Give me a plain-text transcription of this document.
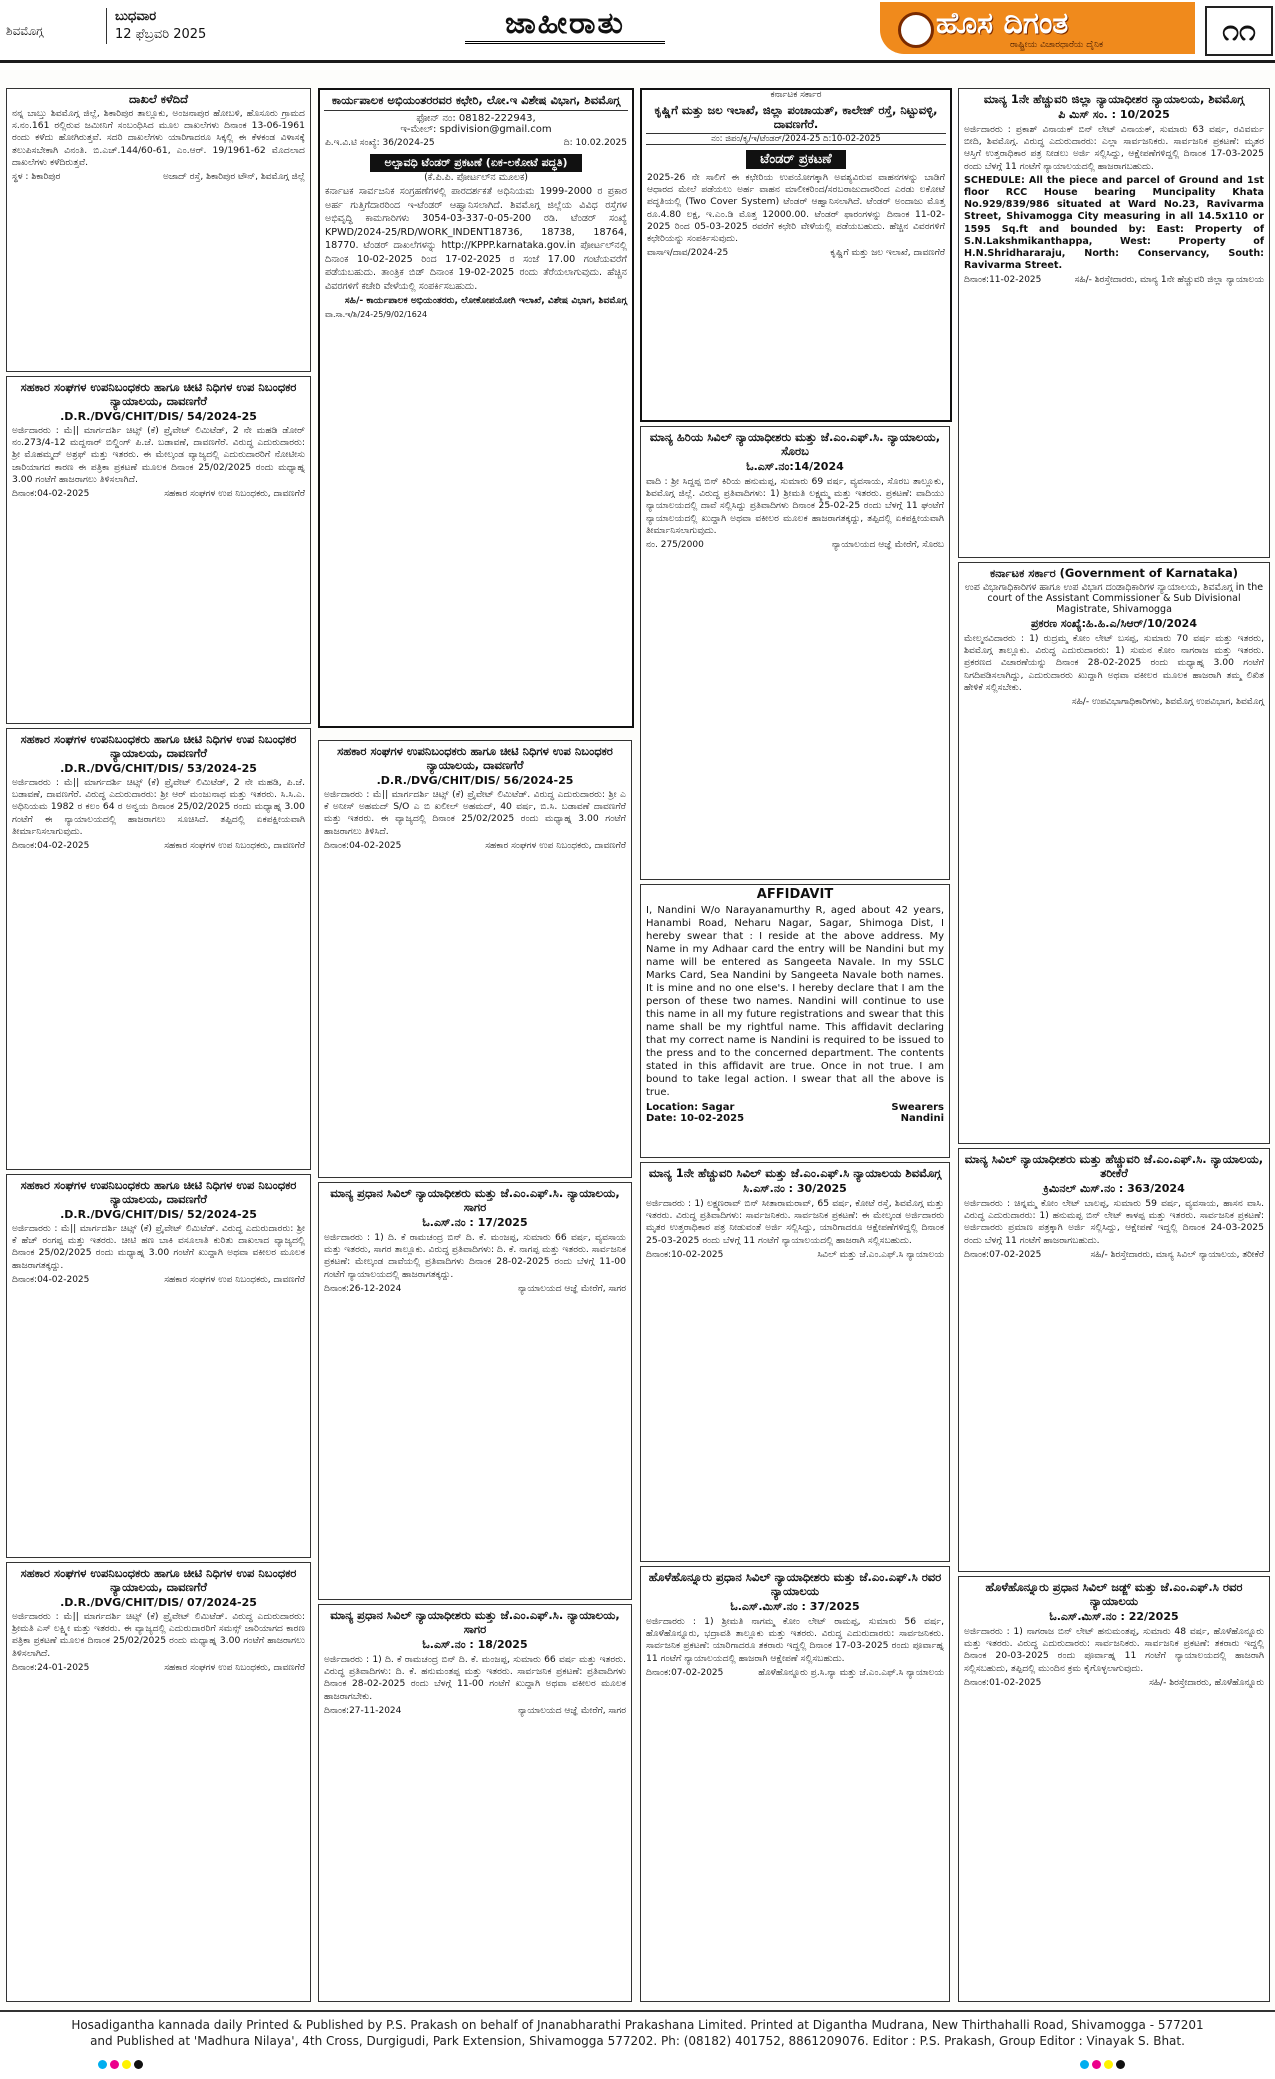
ಶಿವಮೊಗ್ಗ
ಬುಧವಾರ
12 ಫೆಬ್ರವರಿ 2025	ಜಾಹೀರಾತು	ಹೊಸ ದಿಗಂತ
ರಾಷ್ಟ್ರೀಯ ವಿಚಾರಧಾರೆಯ ದೈನಿಕ	೧೧
ದಾಖಲೆ ಕಳೆದಿದೆ

ನನ್ನ ಬಾಬ್ತು ಶಿವಮೊಗ್ಗ ಜಿಲ್ಲೆ, ಶಿಕಾರಿಪುರ ತಾಲ್ಲೂಕು, ಅಂಜನಾಪುರ ಹೋಬಳಿ, ಹೊಸೂರು ಗ್ರಾಮದ ಸ.ನಂ.161 ರಲ್ಲಿರುವ ಜಮೀನಿಗೆ ಸಂಬಂಧಿಸಿದ ಮೂಲ ದಾಖಲೆಗಳು ದಿನಾಂಕ 13-06-1961 ರಂದು ಕಳೆದು ಹೋಗಿರುತ್ತವೆ. ಸದರಿ ದಾಖಲೆಗಳು ಯಾರಿಗಾದರೂ ಸಿಕ್ಕಲ್ಲಿ ಈ ಕೆಳಕಂಡ ವಿಳಾಸಕ್ಕೆ ತಲುಪಿಸಬೇಕಾಗಿ ವಿನಂತಿ. ಬಿ.ಎಚ್.144/60-61, ಎಂ.ಆರ್. 19/1961-62 ಮೊದಲಾದ ದಾಖಲೆಗಳು ಕಳೆದಿರುತ್ತವೆ.

ಸ್ಥಳ : ಶಿಕಾರಿಪುರ	ಅಜಾದ್ ರಸ್ತೆ, ಶಿಕಾರಿಪುರ ಟೌನ್, ಶಿವಮೊಗ್ಗ ಜಿಲ್ಲೆ
ಸಹಕಾರ ಸಂಘಗಳ ಉಪನಿಬಂಧಕರು ಹಾಗೂ ಚೀಟಿ ನಿಧಿಗಳ ಉಪ ನಿಬಂಧಕರ ನ್ಯಾಯಾಲಯ, ದಾವಣಗೆರೆ
.D.R./DVG/CHIT/DIS/ 54/2024-25

ಅರ್ಜಿದಾರರು : ಮೆ|| ಮಾರ್ಗದರ್ಶಿ ಚಿಟ್ಸ್ (ಕೆ) ಪ್ರೈವೇಟ್ ಲಿಮಿಟೆಡ್, 2 ನೇ ಮಹಡಿ ಡೋರ್ ನಂ.273/4-12 ಮದ್ದನಾರ್ ಬಿಲ್ಡಿಂಗ್ ಪಿ.ಜೆ. ಬಡಾವಣೆ, ದಾವಣಗೆರೆ. ವಿರುದ್ಧ ಎದುರುದಾರರು: ಶ್ರೀ ಮೊಹಮ್ಮದ್ ಅಶ್ರಫ್ ಮತ್ತು ಇತರರು. ಈ ಮೇಲ್ಕಂಡ ವ್ಯಾಜ್ಯದಲ್ಲಿ ಎದುರುದಾರರಿಗೆ ನೋಟೀಸು ಜಾರಿಯಾಗದ ಕಾರಣ ಈ ಪತ್ರಿಕಾ ಪ್ರಕಟಣೆ ಮೂಲಕ ದಿನಾಂಕ 25/02/2025 ರಂದು ಮಧ್ಯಾಹ್ನ 3.00 ಗಂಟೆಗೆ ಹಾಜರಾಗಲು ತಿಳಿಸಲಾಗಿದೆ.

ದಿನಾಂಕ:04-02-2025	ಸಹಕಾರ ಸಂಘಗಳ ಉಪ ನಿಬಂಧಕರು, ದಾವಣಗೆರೆ
ಸಹಕಾರ ಸಂಘಗಳ ಉಪನಿಬಂಧಕರು ಹಾಗೂ ಚೀಟಿ ನಿಧಿಗಳ ಉಪ ನಿಬಂಧಕರ ನ್ಯಾಯಾಲಯ, ದಾವಣಗೆರೆ
.D.R./DVG/CHIT/DIS/ 53/2024-25

ಅರ್ಜಿದಾರರು : ಮೆ|| ಮಾರ್ಗದರ್ಶಿ ಚಿಟ್ಸ್ (ಕೆ) ಪ್ರೈವೇಟ್ ಲಿಮಿಟೆಡ್, 2 ನೇ ಮಹಡಿ, ಪಿ.ಜೆ. ಬಡಾವಣೆ, ದಾವಣಗೆರೆ. ವಿರುದ್ಧ ಎದುರುದಾರರು: ಶ್ರೀ ಆರ್ ಮಂಜುನಾಥ ಮತ್ತು ಇತರರು. ಸಿ.ಸಿ.ಎ. ಅಧಿನಿಯಮ 1982 ರ ಕಲಂ 64 ರ ಅನ್ವಯ ದಿನಾಂಕ 25/02/2025 ರಂದು ಮಧ್ಯಾಹ್ನ 3.00 ಗಂಟೆಗೆ ಈ ನ್ಯಾಯಾಲಯದಲ್ಲಿ ಹಾಜರಾಗಲು ಸೂಚಿಸಿದೆ. ತಪ್ಪಿದಲ್ಲಿ ಏಕಪಕ್ಷೀಯವಾಗಿ ತೀರ್ಮಾನಿಸಲಾಗುವುದು.

ದಿನಾಂಕ:04-02-2025	ಸಹಕಾರ ಸಂಘಗಳ ಉಪ ನಿಬಂಧಕರು, ದಾವಣಗೆರೆ
ಸಹಕಾರ ಸಂಘಗಳ ಉಪನಿಬಂಧಕರು ಹಾಗೂ ಚೀಟಿ ನಿಧಿಗಳ ಉಪ ನಿಬಂಧಕರ ನ್ಯಾಯಾಲಯ, ದಾವಣಗೆರೆ
.D.R./DVG/CHIT/DIS/ 52/2024-25

ಅರ್ಜಿದಾರರು : ಮೆ|| ಮಾರ್ಗದರ್ಶಿ ಚಿಟ್ಸ್ (ಕೆ) ಪ್ರೈವೇಟ್ ಲಿಮಿಟೆಡ್. ವಿರುದ್ಧ ಎದುರುದಾರರು: ಶ್ರೀ ಕೆ ಹೆಚ್ ರಂಗಪ್ಪ ಮತ್ತು ಇತರರು. ಚೀಟಿ ಹಣ ಬಾಕಿ ವಸೂಲಾತಿ ಕುರಿತು ದಾಖಲಾದ ವ್ಯಾಜ್ಯದಲ್ಲಿ ದಿನಾಂಕ 25/02/2025 ರಂದು ಮಧ್ಯಾಹ್ನ 3.00 ಗಂಟೆಗೆ ಖುದ್ದಾಗಿ ಅಥವಾ ವಕೀಲರ ಮೂಲಕ ಹಾಜರಾಗತಕ್ಕದ್ದು.

ದಿನಾಂಕ:04-02-2025	ಸಹಕಾರ ಸಂಘಗಳ ಉಪ ನಿಬಂಧಕರು, ದಾವಣಗೆರೆ
ಸಹಕಾರ ಸಂಘಗಳ ಉಪನಿಬಂಧಕರು ಹಾಗೂ ಚೀಟಿ ನಿಧಿಗಳ ಉಪ ನಿಬಂಧಕರ ನ್ಯಾಯಾಲಯ, ದಾವಣಗೆರೆ
.D.R./DVG/CHIT/DIS/ 07/2024-25

ಅರ್ಜಿದಾರರು : ಮೆ|| ಮಾರ್ಗದರ್ಶಿ ಚಿಟ್ಸ್ (ಕೆ) ಪ್ರೈವೇಟ್ ಲಿಮಿಟೆಡ್. ವಿರುದ್ಧ ಎದುರುದಾರರು: ಶ್ರೀಮತಿ ಎಸ್ ಲಕ್ಷ್ಮೀ ಮತ್ತು ಇತರರು. ಈ ವ್ಯಾಜ್ಯದಲ್ಲಿ ಎದುರುದಾರರಿಗೆ ಸಮನ್ಸ್ ಜಾರಿಯಾಗದ ಕಾರಣ ಪತ್ರಿಕಾ ಪ್ರಕಟಣೆ ಮೂಲಕ ದಿನಾಂಕ 25/02/2025 ರಂದು ಮಧ್ಯಾಹ್ನ 3.00 ಗಂಟೆಗೆ ಹಾಜರಾಗಲು ತಿಳಿಸಲಾಗಿದೆ.

ದಿನಾಂಕ:24-01-2025	ಸಹಕಾರ ಸಂಘಗಳ ಉಪ ನಿಬಂಧಕರು, ದಾವಣಗೆರೆ
ಕಾರ್ಯಪಾಲಕ ಅಭಿಯಂತರರವರ ಕಛೇರಿ, ಲೋ.ಇ ವಿಶೇಷ ವಿಭಾಗ, ಶಿವಮೊಗ್ಗ
ಫೋನ್ ನಂ: 08182-222943,
ಇ-ಮೇಲ್: spdivision@gmail.com
ಪಿ.ಇ.ವಿ.ಟಿ ಸಂಖ್ಯೆ: 36/2024-25	ದಿ: 10.02.2025
ಅಲ್ಪಾವಧಿ ಟೆಂಡರ್ ಪ್ರಕಟಣೆ (ಏಕ-ಲಕೋಟೆ ಪದ್ಧತಿ)
(ಕೆ.ಪಿ.ಪಿ. ಪೋರ್ಟಲ್‌ನ ಮೂಲಕ)

ಕರ್ನಾಟಕ ಸಾರ್ವಜನಿಕ ಸಂಗ್ರಹಣೆಗಳಲ್ಲಿ ಪಾರದರ್ಶಕತೆ ಅಧಿನಿಯಮ 1999-2000 ರ ಪ್ರಕಾರ ಅರ್ಹ ಗುತ್ತಿಗೆದಾರರಿಂದ ಇ-ಟೆಂಡರ್ ಆಹ್ವಾನಿಸಲಾಗಿದೆ. ಶಿವಮೊಗ್ಗ ಜಿಲ್ಲೆಯ ವಿವಿಧ ರಸ್ತೆಗಳ ಅಭಿವೃದ್ಧಿ ಕಾಮಗಾರಿಗಳು 3054-03-337-0-05-200 ರಡಿ. ಟೆಂಡರ್ ಸಂಖ್ಯೆ KPWD/2024-25/RD/WORK_INDENT18736, 18738, 18764, 18770. ಟೆಂಡರ್ ದಾಖಲೆಗಳನ್ನು http://KPPP.karnataka.gov.in ಪೋರ್ಟಲ್‌ನಲ್ಲಿ ದಿನಾಂಕ 10-02-2025 ರಿಂದ 17-02-2025 ರ ಸಂಜೆ 17.00 ಗಂಟೆಯವರೆಗೆ ಪಡೆಯಬಹುದು. ತಾಂತ್ರಿಕ ಬಿಡ್ ದಿನಾಂಕ 19-02-2025 ರಂದು ತೆರೆಯಲಾಗುವುದು. ಹೆಚ್ಚಿನ ವಿವರಗಳಿಗೆ ಕಚೇರಿ ವೇಳೆಯಲ್ಲಿ ಸಂಪರ್ಕಿಸಬಹುದು.

ಸಹಿ/- ಕಾರ್ಯಪಾಲಕ ಅಭಿಯಂತರರು, ಲೋಕೋಪಯೋಗಿ ಇಲಾಖೆ, ವಿಶೇಷ ವಿಭಾಗ, ಶಿವಮೊಗ್ಗ

ವಾ.ಸಾ.ಇ/ಶಿ/24-25/9/02/1624

ಸಹಕಾರ ಸಂಘಗಳ ಉಪನಿಬಂಧಕರು ಹಾಗೂ ಚೀಟಿ ನಿಧಿಗಳ ಉಪ ನಿಬಂಧಕರ ನ್ಯಾಯಾಲಯ, ದಾವಣಗೆರೆ
.D.R./DVG/CHIT/DIS/ 56/2024-25

ಅರ್ಜಿದಾರರು : ಮೆ|| ಮಾರ್ಗದರ್ಶಿ ಚಿಟ್ಸ್ (ಕೆ) ಪ್ರೈವೇಟ್ ಲಿಮಿಟೆಡ್. ವಿರುದ್ಧ ಎದುರುದಾರರು: ಶ್ರೀ ಎ ಕೆ ಅನೀಸ್ ಅಹಮದ್ S/O ಎ ಬಿ ಖಲೀಲ್ ಅಹಮದ್, 40 ವರ್ಷ, ಬಿ.ಸಿ. ಬಡಾವಣೆ ದಾವಣಗೆರೆ ಮತ್ತು ಇತರರು. ಈ ವ್ಯಾಜ್ಯದಲ್ಲಿ ದಿನಾಂಕ 25/02/2025 ರಂದು ಮಧ್ಯಾಹ್ನ 3.00 ಗಂಟೆಗೆ ಹಾಜರಾಗಲು ತಿಳಿಸಿದೆ.

ದಿನಾಂಕ:04-02-2025	ಸಹಕಾರ ಸಂಘಗಳ ಉಪ ನಿಬಂಧಕರು, ದಾವಣಗೆರೆ
ಮಾನ್ಯ ಪ್ರಧಾನ ಸಿವಿಲ್ ನ್ಯಾಯಾಧೀಶರು ಮತ್ತು ಜೆ.ಎಂ.ಎಫ್.ಸಿ. ನ್ಯಾಯಾಲಯ, ಸಾಗರ
ಓ.ಎಸ್.ನಂ : 17/2025

ಅರ್ಜಿದಾರರು : 1) ದಿ. ಕೆ ರಾಮಚಂದ್ರ ಬಿನ್ ದಿ. ಕೆ. ಮಂಜಪ್ಪ, ಸುಮಾರು 66 ವರ್ಷ, ವ್ಯವಸಾಯ ಮತ್ತು ಇತರರು, ಸಾಗರ ತಾಲ್ಲೂಕು. ವಿರುದ್ಧ ಪ್ರತಿವಾದಿಗಳು: ದಿ. ಕೆ. ನಾಗಪ್ಪ ಮತ್ತು ಇತರರು. ಸಾರ್ವಜನಿಕ ಪ್ರಕಟಣೆ: ಮೇಲ್ಕಂಡ ದಾವೆಯಲ್ಲಿ ಪ್ರತಿವಾದಿಗಳು ದಿನಾಂಕ 28-02-2025 ರಂದು ಬೆಳಗ್ಗೆ 11-00 ಗಂಟೆಗೆ ನ್ಯಾಯಾಲಯದಲ್ಲಿ ಹಾಜರಾಗತಕ್ಕದ್ದು.

ದಿನಾಂಕ:26-12-2024	ನ್ಯಾಯಾಲಯದ ಆಜ್ಞೆ ಮೇರೆಗೆ, ಸಾಗರ
ಮಾನ್ಯ ಪ್ರಧಾನ ಸಿವಿಲ್ ನ್ಯಾಯಾಧೀಶರು ಮತ್ತು ಜೆ.ಎಂ.ಎಫ್.ಸಿ. ನ್ಯಾಯಾಲಯ, ಸಾಗರ
ಓ.ಎಸ್.ನಂ : 18/2025

ಅರ್ಜಿದಾರರು : 1) ದಿ. ಕೆ ರಾಮಚಂದ್ರ ಬಿನ್ ದಿ. ಕೆ. ಮಂಜಪ್ಪ, ಸುಮಾರು 66 ವರ್ಷ ಮತ್ತು ಇತರರು. ವಿರುದ್ಧ ಪ್ರತಿವಾದಿಗಳು: ದಿ. ಕೆ. ಹನುಮಂತಪ್ಪ ಮತ್ತು ಇತರರು. ಸಾರ್ವಜನಿಕ ಪ್ರಕಟಣೆ: ಪ್ರತಿವಾದಿಗಳು ದಿನಾಂಕ 28-02-2025 ರಂದು ಬೆಳಗ್ಗೆ 11-00 ಗಂಟೆಗೆ ಖುದ್ದಾಗಿ ಅಥವಾ ವಕೀಲರ ಮೂಲಕ ಹಾಜರಾಗಬೇಕು.

ದಿನಾಂಕ:27-11-2024	ನ್ಯಾಯಾಲಯದ ಆಜ್ಞೆ ಮೇರೆಗೆ, ಸಾಗರ
ಕರ್ನಾಟಕ ಸರ್ಕಾರ
ಕೃಷ್ಣಿಗೆ ಮತ್ತು ಜಲ ಇಲಾಖೆ, ಜಿಲ್ಲಾ ಪಂಚಾಯತ್, ಕಾಲೇಜ್ ರಸ್ತೆ, ನಿಟ್ಟುವಳ್ಳಿ, ದಾವಣಗೆರೆ.
ನಂ: ಜಿಪಂ/ಕೃ/ಇ/ಟೆಂಡರ್/2024-25 ದಿ:10-02-2025
ಟೆಂಡರ್ ಪ್ರಕಟಣೆ

2025-26 ನೇ ಸಾಲಿಗೆ ಈ ಕಛೇರಿಯ ಉಪಯೋಗಕ್ಕಾಗಿ ಅವಶ್ಯವಿರುವ ವಾಹನಗಳನ್ನು ಬಾಡಿಗೆ ಆಧಾರದ ಮೇಲೆ ಪಡೆಯಲು ಅರ್ಹ ವಾಹನ ಮಾಲೀಕರಿಂದ/ಸರಬರಾಜುದಾರರಿಂದ ಎರಡು ಲಕೋಟೆ ಪದ್ಧತಿಯಲ್ಲಿ (Two Cover System) ಟೆಂಡರ್ ಆಹ್ವಾನಿಸಲಾಗಿದೆ. ಟೆಂಡರ್ ಅಂದಾಜು ಮೊತ್ತ ರೂ.4.80 ಲಕ್ಷ, ಇ.ಎಂ.ಡಿ ಮೊತ್ತ 12000.00. ಟೆಂಡರ್ ಫಾರಂಗಳನ್ನು ದಿನಾಂಕ 11-02-2025 ರಿಂದ 05-03-2025 ರವರೆಗೆ ಕಛೇರಿ ವೇಳೆಯಲ್ಲಿ ಪಡೆಯಬಹುದು. ಹೆಚ್ಚಿನ ವಿವರಗಳಿಗೆ ಕಛೇರಿಯನ್ನು ಸಂಪರ್ಕಿಸುವುದು.

ವಾಸಾಇ/ದಾವ/2024-25	ಕೃಷ್ಣಿಗೆ ಮತ್ತು ಜಲ ಇಲಾಖೆ, ದಾವಣಗೆರೆ
ಮಾನ್ಯ ಹಿರಿಯ ಸಿವಿಲ್ ನ್ಯಾಯಾಧೀಶರು ಮತ್ತು ಜೆ.ಎಂ.ಎಫ್.ಸಿ. ನ್ಯಾಯಾಲಯ, ಸೊರಬ
ಓ.ಎಸ್.ನಂ:14/2024

ವಾದಿ : ಶ್ರೀ ಸಿದ್ದಪ್ಪ ಬಿನ್ ಕಿರಿಯ ಹನುಮಪ್ಪ, ಸುಮಾರು 69 ವರ್ಷ, ವ್ಯವಸಾಯ, ಸೊರಬ ತಾಲ್ಲೂಕು, ಶಿವಮೊಗ್ಗ ಜಿಲ್ಲೆ. ವಿರುದ್ಧ ಪ್ರತಿವಾದಿಗಳು: 1) ಶ್ರೀಮತಿ ಲಕ್ಷ್ಮಮ್ಮ ಮತ್ತು ಇತರರು. ಪ್ರಕಟಣೆ: ವಾದಿಯು ನ್ಯಾಯಾಲಯದಲ್ಲಿ ದಾವೆ ಸಲ್ಲಿಸಿದ್ದು ಪ್ರತಿವಾದಿಗಳು ದಿನಾಂಕ 25-02-25 ರಂದು ಬೆಳಗ್ಗೆ 11 ಘಂಟೆಗೆ ನ್ಯಾಯಾಲಯದಲ್ಲಿ ಖುದ್ದಾಗಿ ಅಥವಾ ವಕೀಲರ ಮೂಲಕ ಹಾಜರಾಗತಕ್ಕದ್ದು, ತಪ್ಪಿದಲ್ಲಿ ಏಕಪಕ್ಷೀಯವಾಗಿ ತೀರ್ಮಾನಿಸಲಾಗುವುದು.

ನಂ. 275/2000	ನ್ಯಾಯಾಲಯದ ಆಜ್ಞೆ ಮೇರೆಗೆ, ಸೊರಬ
AFFIDAVIT

I, Nandini W/o Narayanamurthy R, aged about 42 years, Hanambi Road, Neharu Nagar, Sagar, Shimoga Dist, I hereby swear that : I reside at the above address. My Name in my Adhaar card the entry will be Nandini but my name will be entered as Sangeeta Navale. In my SSLC Marks Card, Sea Nandini by Sangeeta Navale both names. It is mine and no one else's. I hereby declare that I am the person of these two names. Nandini will continue to use this name in all my future registrations and swear that this name shall be my rightful name. This affidavit declaring that my correct name is Nandini is required to be issued to the press and to the concerned department. The contents stated in this affidavit are true. Once in not true. I am bound to take legal action. I swear that all the above is true.

Location: Sagar
Date: 10-02-2025
Swearers
Nandini
ಮಾನ್ಯ 1ನೇ ಹೆಚ್ಚುವರಿ ಸಿವಿಲ್ ಮತ್ತು ಜೆ.ಎಂ.ಎಫ್.ಸಿ ನ್ಯಾಯಾಲಯ ಶಿವಮೊಗ್ಗ
ಸಿ.ಎಸ್.ನಂ : 30/2025

ಅರ್ಜಿದಾರರು : 1) ಲಕ್ಷ್ಮಣರಾವ್ ಬಿನ್ ಸೀತಾರಾಮರಾವ್, 65 ವರ್ಷ, ಕೋಟೆ ರಸ್ತೆ, ಶಿವಮೊಗ್ಗ ಮತ್ತು ಇತರರು. ವಿರುದ್ಧ ಪ್ರತಿವಾದಿಗಳು: ಸಾರ್ವಜನಿಕರು. ಸಾರ್ವಜನಿಕ ಪ್ರಕಟಣೆ: ಈ ಮೇಲ್ಕಂಡ ಅರ್ಜಿದಾರರು ಮೃತರ ಉತ್ತರಾಧಿಕಾರ ಪತ್ರ ನೀಡುವಂತೆ ಅರ್ಜಿ ಸಲ್ಲಿಸಿದ್ದು, ಯಾರಿಗಾದರೂ ಆಕ್ಷೇಪಣೆಗಳಿದ್ದಲ್ಲಿ ದಿನಾಂಕ 25-03-2025 ರಂದು ಬೆಳಗ್ಗೆ 11 ಗಂಟೆಗೆ ನ್ಯಾಯಾಲಯದಲ್ಲಿ ಹಾಜರಾಗಿ ಸಲ್ಲಿಸಬಹುದು.

ದಿನಾಂಕ:10-02-2025	ಸಿವಿಲ್ ಮತ್ತು ಜೆ.ಎಂ.ಎಫ್.ಸಿ ನ್ಯಾಯಾಲಯ
ಹೊಳೆಹೊನ್ನೂರು ಪ್ರಧಾನ ಸಿವಿಲ್ ನ್ಯಾಯಾಧೀಶರು ಮತ್ತು ಜೆ.ಎಂ.ಎಫ್.ಸಿ ರವರ ನ್ಯಾಯಾಲಯ
ಓ.ಎಸ್.ಮಿಸ್.ನಂ : 37/2025

ಅರ್ಜಿದಾರರು : 1) ಶ್ರೀಮತಿ ನಾಗಮ್ಮ ಕೋಂ ಲೇಟ್ ರಾಮಪ್ಪ, ಸುಮಾರು 56 ವರ್ಷ, ಹೊಳೆಹೊನ್ನೂರು, ಭದ್ರಾವತಿ ತಾಲ್ಲೂಕು ಮತ್ತು ಇತರರು. ವಿರುದ್ಧ ಎದುರುದಾರರು: ಸಾರ್ವಜನಿಕರು. ಸಾರ್ವಜನಿಕ ಪ್ರಕಟಣೆ: ಯಾರಿಗಾದರೂ ತಕರಾರು ಇದ್ದಲ್ಲಿ ದಿನಾಂಕ 17-03-2025 ರಂದು ಪೂರ್ವಾಹ್ನ 11 ಗಂಟೆಗೆ ನ್ಯಾಯಾಲಯದಲ್ಲಿ ಹಾಜರಾಗಿ ಆಕ್ಷೇಪಣೆ ಸಲ್ಲಿಸಬಹುದು.

ದಿನಾಂಕ:07-02-2025	ಹೊಳೆಹೊನ್ನೂರು ಪ್ರ.ಸಿ.ನ್ಯಾ ಮತ್ತು ಜೆ.ಎಂ.ಎಫ್.ಸಿ ನ್ಯಾಯಾಲಯ
ಮಾನ್ಯ 1ನೇ ಹೆಚ್ಚುವರಿ ಜಿಲ್ಲಾ ನ್ಯಾಯಾಧೀಶರ ನ್ಯಾಯಾಲಯ, ಶಿವಮೊಗ್ಗ
ಪಿ ಮಿಸ್ ಸಂ. : 10/2025

ಅರ್ಜಿದಾರರು : ಪ್ರಕಾಶ್ ವಿನಾಯಕ್ ಬಿನ್ ಲೇಟ್ ವಿನಾಯಕ್, ಸುಮಾರು 63 ವರ್ಷ, ರವಿವರ್ಮ ಬೀದಿ, ಶಿವಮೊಗ್ಗ. ವಿರುದ್ಧ ಎದುರುದಾರರು: ಎಲ್ಲಾ ಸಾರ್ವಜನಿಕರು. ಸಾರ್ವಜನಿಕ ಪ್ರಕಟಣೆ: ಮೃತರ ಆಸ್ತಿಗೆ ಉತ್ತರಾಧಿಕಾರ ಪತ್ರ ನೀಡಲು ಅರ್ಜಿ ಸಲ್ಲಿಸಿದ್ದು, ಆಕ್ಷೇಪಣೆಗಳಿದ್ದಲ್ಲಿ ದಿನಾಂಕ 17-03-2025 ರಂದು ಬೆಳಗ್ಗೆ 11 ಗಂಟೆಗೆ ನ್ಯಾಯಾಲಯದಲ್ಲಿ ಹಾಜರಾಗಬಹುದು.

SCHEDULE: All the piece and parcel of Ground and 1st floor RCC House bearing Muncipality Khata No.929/839/986 situated at Ward No.23, Ravivarma Street, Shivamogga City measuring in all 14.5x110 or 1595 Sq.ft and bounded by: East: Property of S.N.Lakshmikanthappa, West: Property of H.N.Shridhararaju, North: Conservancy, South: Ravivarma Street.

ದಿನಾಂಕ:11-02-2025	ಸಹಿ/- ಶಿರಸ್ತೇದಾರರು, ಮಾನ್ಯ 1ನೇ ಹೆಚ್ಚುವರಿ ಜಿಲ್ಲಾ ನ್ಯಾಯಾಲಯ
ಕರ್ನಾಟಕ ಸರ್ಕಾರ (Government of Karnataka)
ಉಪ ವಿಭಾಗಾಧಿಕಾರಿಗಳ ಹಾಗೂ ಉಪ ವಿಭಾಗ ದಂಡಾಧಿಕಾರಿಗಳ ನ್ಯಾಯಾಲಯ, ಶಿವಮೊಗ್ಗ in the court of the Assistant Commissioner & Sub Divisional Magistrate, Shivamogga
ಪ್ರಕರಣ ಸಂಖ್ಯೆ:ಹಿ.ಹಿ.ಎ/ಸಿಆರ್/10/2024

ಮೇಲ್ಮನವಿದಾರರು : 1) ರುದ್ರಮ್ಮ ಕೋಂ ಲೇಟ್ ಬಸಪ್ಪ, ಸುಮಾರು 70 ವರ್ಷ ಮತ್ತು ಇತರರು, ಶಿವಮೊಗ್ಗ ತಾಲ್ಲೂಕು. ವಿರುದ್ಧ ಎದುರುದಾರರು: 1) ಸುಮನ ಕೋಂ ನಾಗರಾಜ ಮತ್ತು ಇತರರು. ಪ್ರಕರಣದ ವಿಚಾರಣೆಯನ್ನು ದಿನಾಂಕ 28-02-2025 ರಂದು ಮಧ್ಯಾಹ್ನ 3.00 ಗಂಟೆಗೆ ನಿಗದಿಪಡಿಸಲಾಗಿದ್ದು, ಎದುರುದಾರರು ಖುದ್ದಾಗಿ ಅಥವಾ ವಕೀಲರ ಮೂಲಕ ಹಾಜರಾಗಿ ತಮ್ಮ ಲಿಖಿತ ಹೇಳಿಕೆ ಸಲ್ಲಿಸಬೇಕು.

ಸಹಿ/- ಉಪವಿಭಾಗಾಧಿಕಾರಿಗಳು, ಶಿವಮೊಗ್ಗ ಉಪವಿಭಾಗ, ಶಿವಮೊಗ್ಗ
ಮಾನ್ಯ ಸಿವಿಲ್ ನ್ಯಾಯಾಧೀಶರು ಮತ್ತು ಹೆಚ್ಚುವರಿ ಜೆ.ಎಂ.ಎಫ್.ಸಿ. ನ್ಯಾಯಾಲಯ, ತರೀಕೆರೆ
ಕ್ರಿಮಿನಲ್ ಮಿಸ್.ನಂ : 363/2024

ಅರ್ಜಿದಾರರು : ಚಿನ್ನಮ್ಮ ಕೋಂ ಲೇಟ್ ಬಾಲಪ್ಪ, ಸುಮಾರು 59 ವರ್ಷ, ವ್ಯವಸಾಯ, ಹಾಸನ ವಾಸಿ. ವಿರುದ್ಧ ಎದುರುದಾರರು: 1) ಹನುಮಪ್ಪ ಬಿನ್ ಲೇಟ್ ಕಾಳಪ್ಪ ಮತ್ತು ಇತರರು. ಸಾರ್ವಜನಿಕ ಪ್ರಕಟಣೆ: ಅರ್ಜಿದಾರರು ಪ್ರಮಾಣ ಪತ್ರಕ್ಕಾಗಿ ಅರ್ಜಿ ಸಲ್ಲಿಸಿದ್ದು, ಆಕ್ಷೇಪಣೆ ಇದ್ದಲ್ಲಿ ದಿನಾಂಕ 24-03-2025 ರಂದು ಬೆಳಗ್ಗೆ 11 ಗಂಟೆಗೆ ಹಾಜರಾಗಬಹುದು.

ದಿನಾಂಕ:07-02-2025	ಸಹಿ/- ಶಿರಸ್ತೇದಾರರು, ಮಾನ್ಯ ಸಿವಿಲ್ ನ್ಯಾಯಾಲಯ, ತರೀಕೆರೆ
ಹೊಳೆಹೊನ್ನೂರು ಪ್ರಧಾನ ಸಿವಿಲ್ ಜಡ್ಜ್ ಮತ್ತು ಜೆ.ಎಂ.ಎಫ್.ಸಿ ರವರ ನ್ಯಾಯಾಲಯ
ಓ.ಎಸ್.ಮಿಸ್.ನಂ : 22/2025

ಅರ್ಜಿದಾರರು : 1) ನಾಗರಾಜ ಬಿನ್ ಲೇಟ್ ಹನುಮಂತಪ್ಪ, ಸುಮಾರು 48 ವರ್ಷ, ಹೊಳೆಹೊನ್ನೂರು ಮತ್ತು ಇತರರು. ವಿರುದ್ಧ ಎದುರುದಾರರು: ಸಾರ್ವಜನಿಕರು. ಸಾರ್ವಜನಿಕ ಪ್ರಕಟಣೆ: ತಕರಾರು ಇದ್ದಲ್ಲಿ ದಿನಾಂಕ 20-03-2025 ರಂದು ಪೂರ್ವಾಹ್ನ 11 ಗಂಟೆಗೆ ನ್ಯಾಯಾಲಯದಲ್ಲಿ ಹಾಜರಾಗಿ ಸಲ್ಲಿಸಬಹುದು, ತಪ್ಪಿದಲ್ಲಿ ಮುಂದಿನ ಕ್ರಮ ಕೈಗೊಳ್ಳಲಾಗುವುದು.

ದಿನಾಂಕ:01-02-2025	ಸಹಿ/- ಶಿರಸ್ತೇದಾರರು, ಹೊಳೆಹೊನ್ನೂರು
Hosadigantha kannada daily Printed & Published by P.S. Prakash on behalf of Jnanabharathi Prakashana Limited. Printed at Digantha Mudrana, New Thirthahalli Road, Shivamogga - 577201
and Published at 'Madhura Nilaya', 4th Cross, Durgigudi, Park Extension, Shivamogga 577202. Ph: (08182) 401752, 8861209076. Editor : P.S. Prakash, Group Editor : Vinayak S. Bhat.
